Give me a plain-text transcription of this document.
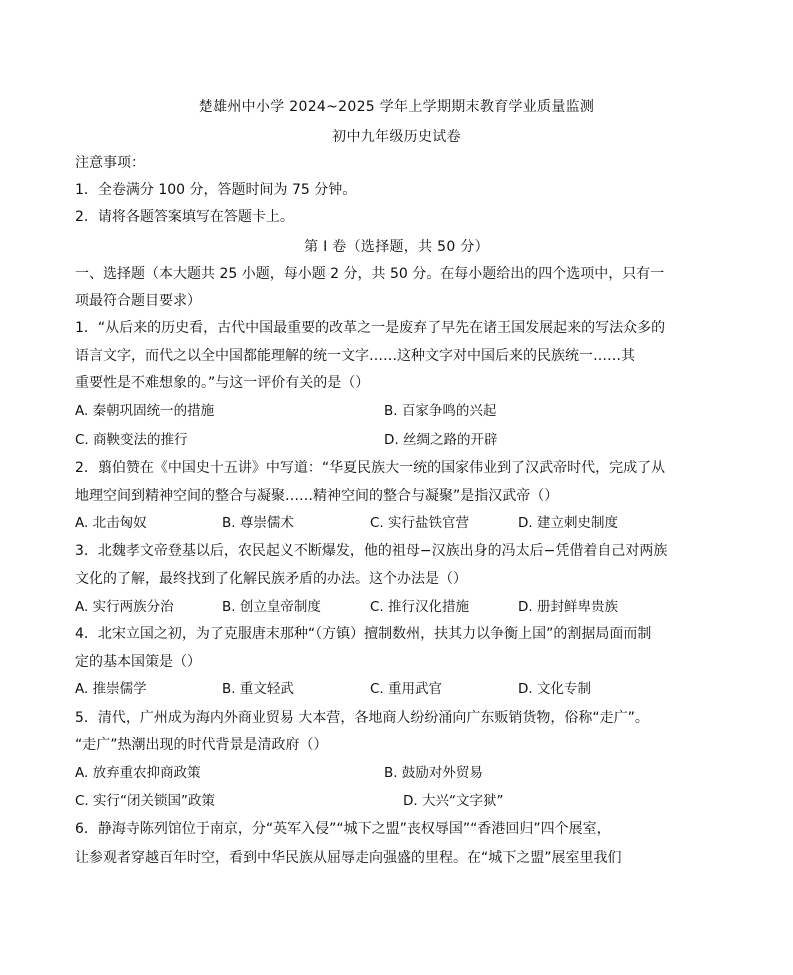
楚雄州中小学 2024~2025 学年上学期期末教育学业质量监测
初中九年级历史试卷
注意事项：
1．全卷满分 100 分，答题时间为 75 分钟。
2．请将各题答案填写在答题卡上。
第 I 卷（选择题，共 50 分）
一、选择题（本大题共 25 小题，每小题 2 分，共 50 分。在每小题给出的四个选项中，只有一
项最符合题目要求）
1．“从后来的历史看，古代中国最重要的改革之一是废弃了早先在诸王国发展起来的写法众多的
语言文字，而代之以全中国都能理解的统一文字……这种文字对中国后来的民族统一……其
重要性是不难想象的。”与这一评价有关的是（）
A. 秦朝巩固统一的措施	B. 百家争鸣的兴起
C. 商鞅变法的推行	D. 丝绸之路的开辟
2．翦伯赞在《中国史十五讲》中写道：“华夏民族大一统的国家伟业到了汉武帝时代，完成了从
地理空间到精神空间的整合与凝聚……精神空间的整合与凝聚”是指汉武帝（）
A. 北击匈奴	B. 尊崇儒术	C. 实行盐铁官营	D. 建立刺史制度
3．北魏孝文帝登基以后，农民起义不断爆发，他的祖母−汉族出身的冯太后−凭借着自己对两族
文化的了解，最终找到了化解民族矛盾的办法。这个办法是（）
A. 实行两族分治	B. 创立皇帝制度	C. 推行汉化措施	D. 册封鲜卑贵族
4．北宋立国之初，为了克服唐末那种“（方镇）擅制数州，扶其力以争衡上国”的割据局面而制
定的基本国策是（）
A. 推崇儒学	B. 重文轻武	C. 重用武官	D. 文化专制
5．清代，广州成为海内外商业贸易 大本营，各地商人纷纷涌向广东贩销货物，俗称“走广”。
“走广”热潮出现的时代背景是清政府（）
A. 放弃重农抑商政策	B. 鼓励对外贸易
C. 实行“闭关锁国”政策	D. 大兴“文字狱”
6．静海寺陈列馆位于南京，分“英军入侵”“城下之盟”丧权辱国”“香港回归”四个展室，
让参观者穿越百年时空，看到中华民族从屈辱走向强盛的里程。在“城下之盟”展室里我们
